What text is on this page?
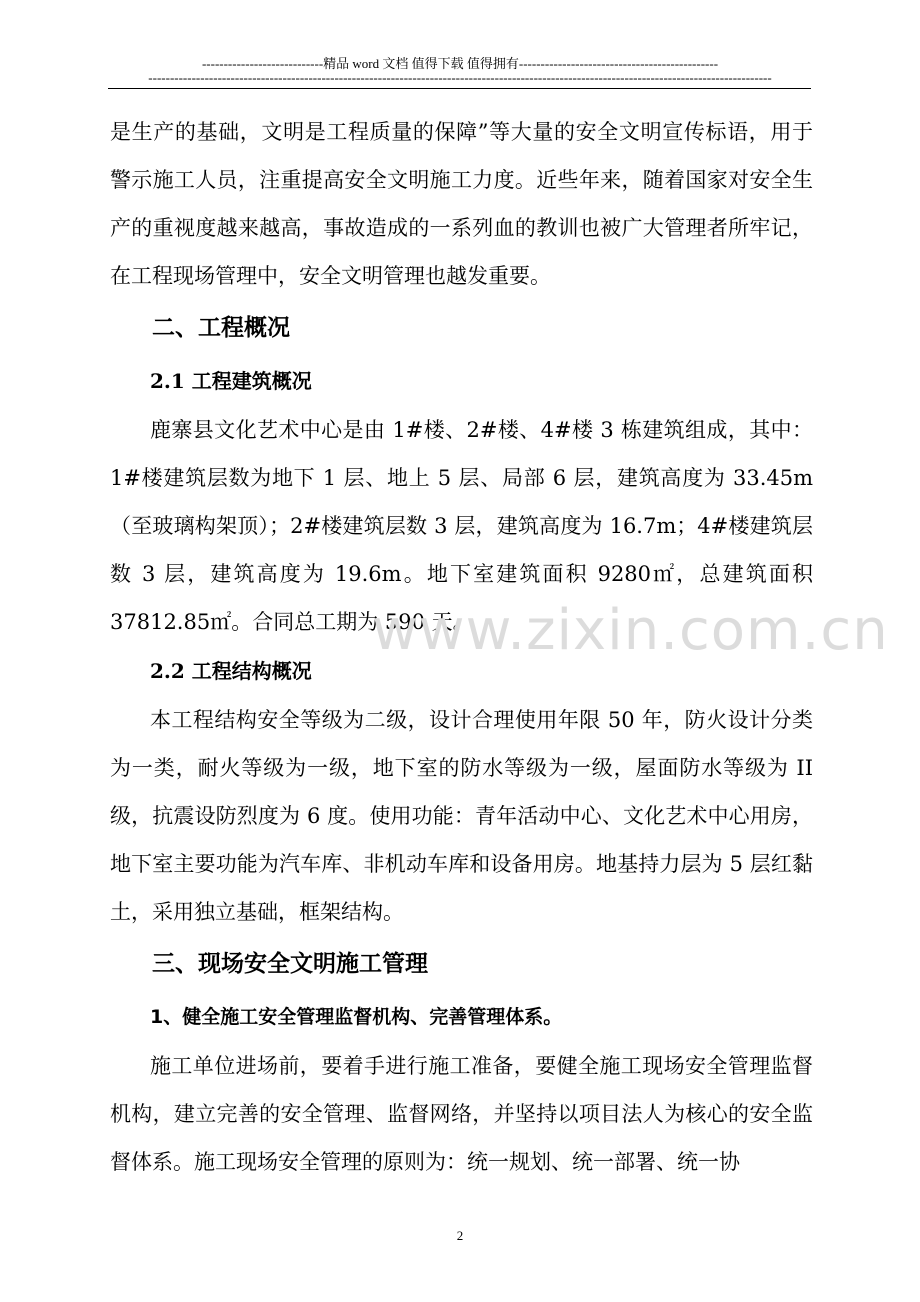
----------------------------精品 word 文档 值得下载 值得拥有----------------------------------------------
------------------------------------------------------------------------------------------------------------------------------------------------

是生产的基础，文明是工程质量的保障”等大量的安全文明宣传标语，用于警示施工人员，注重提高安全文明施工力度。近些年来，随着国家对安全生产的重视度越来越高，事故造成的一系列血的教训也被广大管理者所牢记，在工程现场管理中，安全文明管理也越发重要。

二、工程概况

2.1 工程建筑概况

鹿寨县文化艺术中心是由 1#楼、2#楼、4#楼 3 栋建筑组成，其中：1#楼建筑层数为地下 1 层、地上 5 层、局部 6 层，建筑高度为 33.45m（至玻璃构架顶）；2#楼建筑层数 3 层，建筑高度为 16.7m；4#楼建筑层数 3 层，建筑高度为 19.6m。地下室建筑面积 9280㎡，总建筑面积 37812.85㎡。合同总工期为 590 天。

2.2 工程结构概况

本工程结构安全等级为二级，设计合理使用年限 50 年，防火设计分类为一类，耐火等级为一级，地下室的防水等级为一级，屋面防水等级为 II 级，抗震设防烈度为 6 度。使用功能：青年活动中心、文化艺术中心用房，地下室主要功能为汽车库、非机动车库和设备用房。地基持力层为 5 层红黏土，采用独立基础，框架结构。

三、现场安全文明施工管理

1、健全施工安全管理监督机构、完善管理体系。

施工单位进场前，要着手进行施工准备，要健全施工现场安全管理监督机构，建立完善的安全管理、监督网络，并坚持以项目法人为核心的安全监督体系。施工现场安全管理的原则为：统一规划、统一部署、统一协

www.zixin.com.cn
2
